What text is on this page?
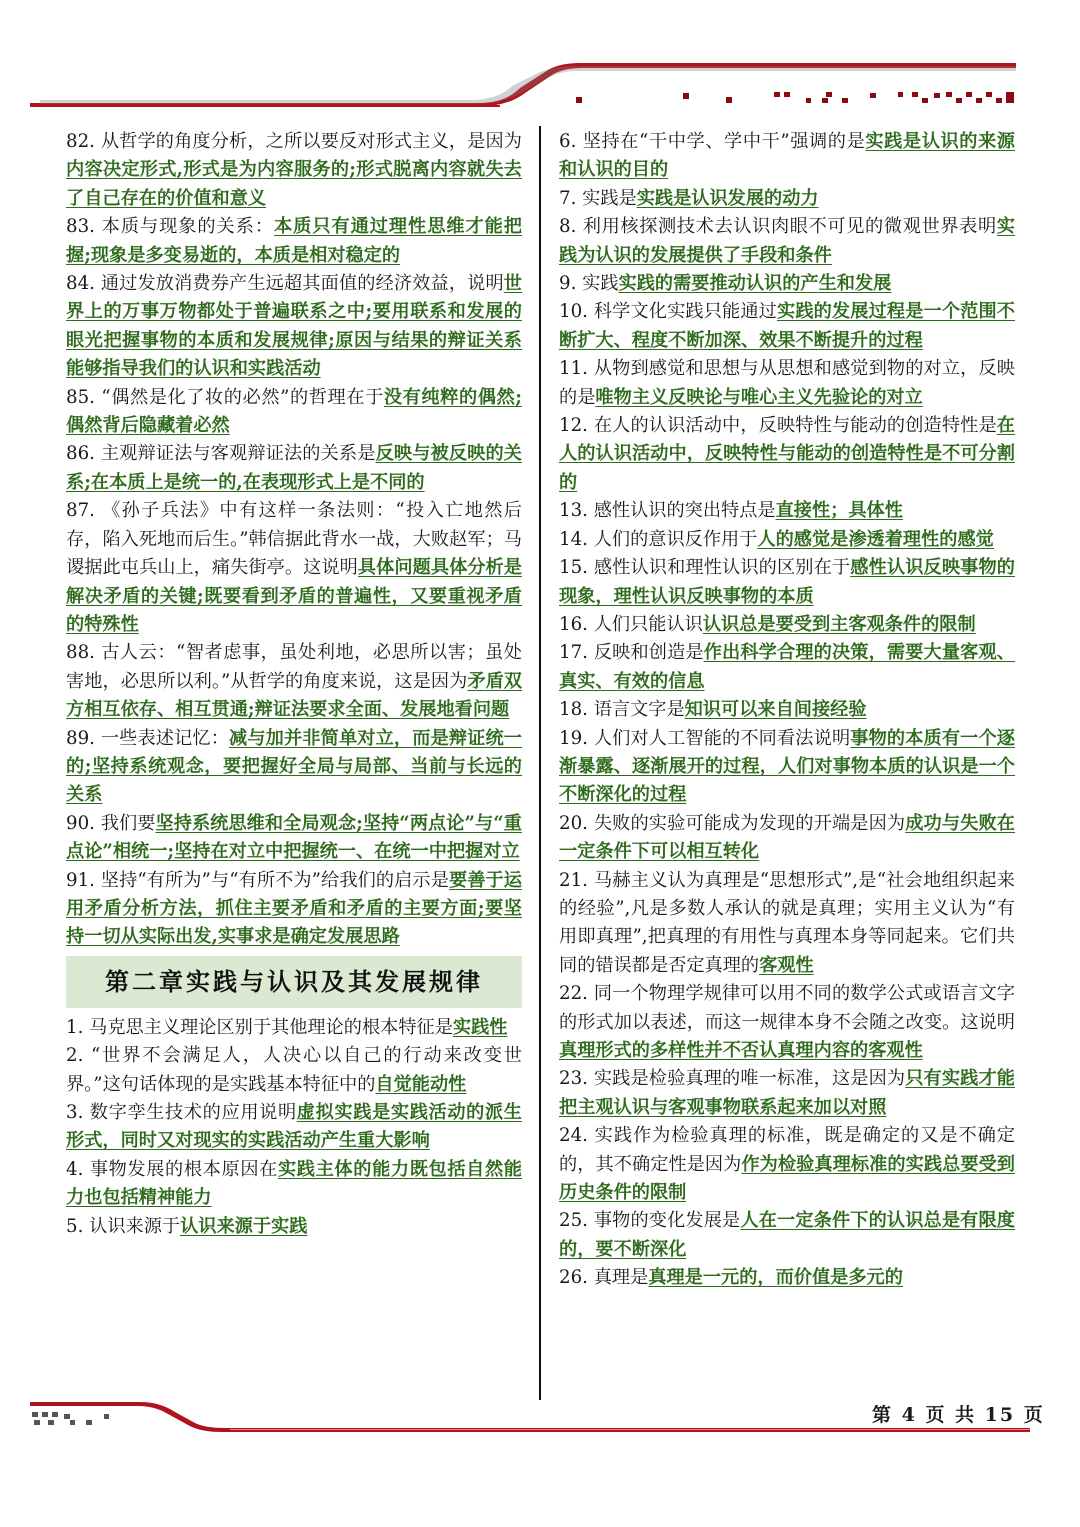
82. 从哲学的角度分析，之所以要反对形式主义，是因为内容决定形式,形式是为内容服务的;形式脱离内容就失去了自己存在的价值和意义

83. 本质与现象的关系：本质只有通过理性思维才能把握;现象是多变易逝的，本质是相对稳定的

84. 通过发放消费券产生远超其面值的经济效益，说明世界上的万事万物都处于普遍联系之中;要用联系和发展的眼光把握事物的本质和发展规律;原因与结果的辩证关系能够指导我们的认识和实践活动

85. “偶然是化了妆的必然”的哲理在于没有纯粹的偶然;偶然背后隐藏着必然

86. 主观辩证法与客观辩证法的关系是反映与被反映的关系;在本质上是统一的,在表现形式上是不同的

87. 《孙子兵法》中有这样一条法则：“投入亡地然后存，陷入死地而后生。”韩信据此背水一战，大败赵军；马谡据此屯兵山上，痛失街亭。这说明具体问题具体分析是解决矛盾的关键;既要看到矛盾的普遍性，又要重视矛盾的特殊性

88. 古人云：“智者虑事，虽处利地，必思所以害；虽处害地，必思所以利。”从哲学的角度来说，这是因为矛盾双方相互依存、相互贯通;辩证法要求全面、发展地看问题

89. 一些表述记忆：减与加并非简单对立，而是辩证统一的;坚持系统观念，要把握好全局与局部、当前与长远的关系

90. 我们要坚持系统思维和全局观念;坚持“两点论”与“重点论”相统一;坚持在对立中把握统一、在统一中把握对立

91. 坚持“有所为”与“有所不为”给我们的启示是要善于运用矛盾分析方法，抓住主要矛盾和矛盾的主要方面;要坚持一切从实际出发,实事求是确定发展思路

第二章实践与认识及其发展规律

1. 马克思主义理论区别于其他理论的根本特征是实践性

2. “世界不会满足人，人决心以自己的行动来改变世界。”这句话体现的是实践基本特征中的自觉能动性

3. 数字孪生技术的应用说明虚拟实践是实践活动的派生形式，同时又对现实的实践活动产生重大影响

4. 事物发展的根本原因在实践主体的能力既包括自然能力也包括精神能力

5. 认识来源于认识来源于实践

6. 坚持在“干中学、学中干”强调的是实践是认识的来源和认识的目的

7. 实践是实践是认识发展的动力

8. 利用核探测技术去认识肉眼不可见的微观世界表明实践为认识的发展提供了手段和条件

9. 实践实践的需要推动认识的产生和发展

10. 科学文化实践只能通过实践的发展过程是一个范围不断扩大、程度不断加深、效果不断提升的过程

11. 从物到感觉和思想与从思想和感觉到物的对立，反映的是唯物主义反映论与唯心主义先验论的对立

12. 在人的认识活动中，反映特性与能动的创造特性是在人的认识活动中，反映特性与能动的创造特性是不可分割的

13. 感性认识的突出特点是直接性；具体性

14. 人们的意识反作用于人的感觉是渗透着理性的感觉

15. 感性认识和理性认识的区别在于感性认识反映事物的现象，理性认识反映事物的本质

16. 人们只能认识认识总是要受到主客观条件的限制

17. 反映和创造是作出科学合理的决策，需要大量客观、真实、有效的信息

18. 语言文字是知识可以来自间接经验

19. 人们对人工智能的不同看法说明事物的本质有一个逐渐暴露、逐渐展开的过程，人们对事物本质的认识是一个不断深化的过程

20. 失败的实验可能成为发现的开端是因为成功与失败在一定条件下可以相互转化

21. 马赫主义认为真理是“思想形式”,是“社会地组织起来的经验”,凡是多数人承认的就是真理；实用主义认为“有用即真理”,把真理的有用性与真理本身等同起来。它们共同的错误都是否定真理的客观性

22. 同一个物理学规律可以用不同的数学公式或语言文字的形式加以表述，而这一规律本身不会随之改变。这说明真理形式的多样性并不否认真理内容的客观性

23. 实践是检验真理的唯一标准，这是因为只有实践才能把主观认识与客观事物联系起来加以对照

24. 实践作为检验真理的标准，既是确定的又是不确定的，其不确定性是因为作为检验真理标准的实践总要受到历史条件的限制

25. 事物的变化发展是人在一定条件下的认识总是有限度的，要不断深化

26. 真理是真理是一元的，而价值是多元的

第 4 页 共 15 页
